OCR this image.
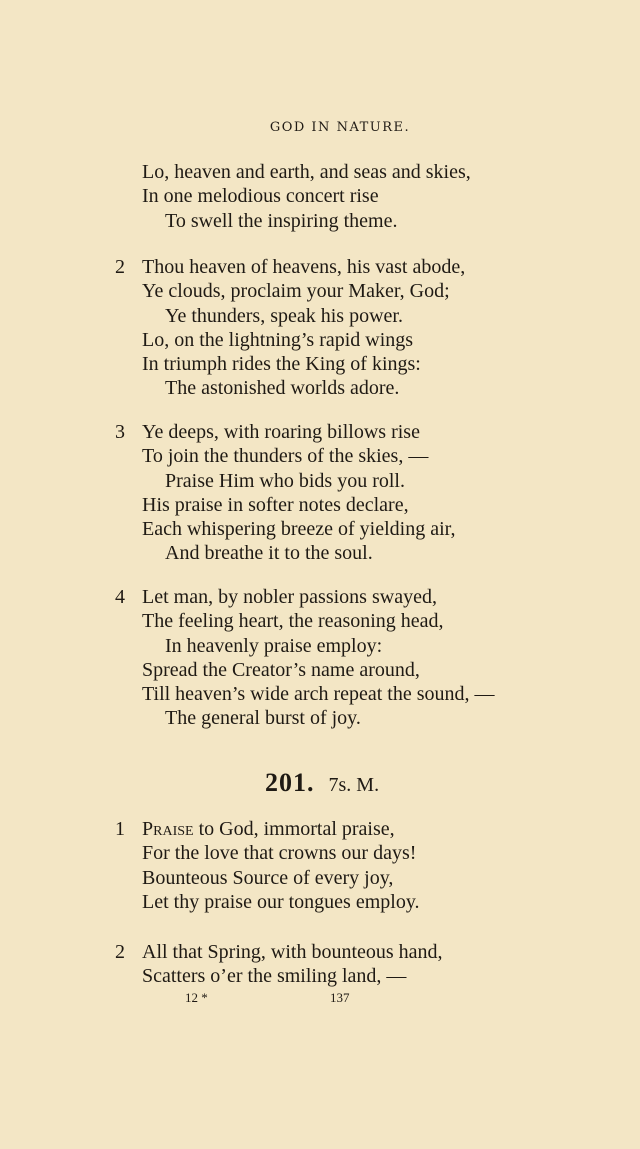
GOD IN NATURE.
Lo, heaven and earth, and seas and skies,
In one melodious concert rise
To swell the inspiring theme.
2 Thou heaven of heavens, his vast abode,
Ye clouds, proclaim your Maker, God;
Ye thunders, speak his power.
Lo, on the lightning’s rapid wings
In triumph rides the King of kings:
The astonished worlds adore.
3 Ye deeps, with roaring billows rise
To join the thunders of the skies, —
Praise Him who bids you roll.
His praise in softer notes declare,
Each whispering breeze of yielding air,
And breathe it to the soul.
4 Let man, by nobler passions swayed,
The feeling heart, the reasoning head,
In heavenly praise employ:
Spread the Creator’s name around,
Till heaven’s wide arch repeat the sound, —
The general burst of joy.
201. 7s. M.
1 Praise to God, immortal praise,
For the love that crowns our days!
Bounteous Source of every joy,
Let thy praise our tongues employ.
2 All that Spring, with bounteous hand,
Scatters o’er the smiling land, —
12 *	137
